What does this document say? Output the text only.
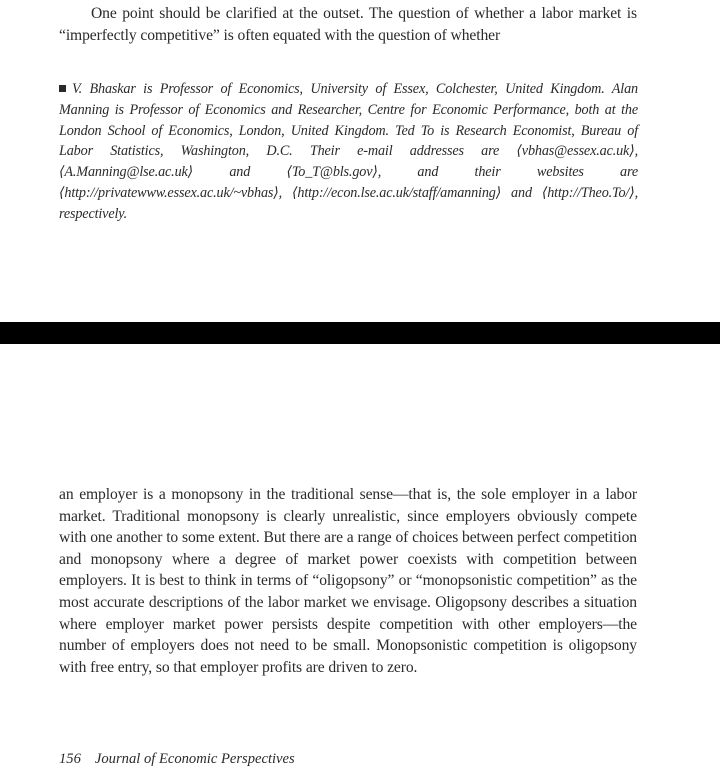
One point should be clarified at the outset. The question of whether a labor market is “imperfectly competitive” is often equated with the question of whether

V. Bhaskar is Professor of Economics, University of Essex, Colchester, United Kingdom. Alan Manning is Professor of Economics and Researcher, Centre for Economic Performance, both at the London School of Economics, London, United Kingdom. Ted To is Research Economist, Bureau of Labor Statistics, Washington, D.C. Their e-mail addresses are ⟨vbhas@essex.ac.uk⟩, ⟨A.Manning@lse.ac.uk⟩ and ⟨To_T@bls.gov⟩, and their websites are ⟨http://privatewww.essex.ac.uk/~vbhas⟩, ⟨http://econ.lse.ac.uk/staff/amanning⟩ and ⟨http://Theo.To/⟩, respectively.

156 Journal of Economic Perspectives

an employer is a monopsony in the traditional sense—that is, the sole employer in a labor market. Traditional monopsony is clearly unrealistic, since employers obviously compete with one another to some extent. But there are a range of choices between perfect competition and monopsony where a degree of market power coexists with competition between employers. It is best to think in terms of “oligopsony” or “monopsonistic competition” as the most accurate descriptions of the labor market we envisage. Oligopsony describes a situation where employer market power persists despite competition with other employers—the number of employers does not need to be small. Monopsonistic competition is oligopsony with free entry, so that employer profits are driven to zero.
